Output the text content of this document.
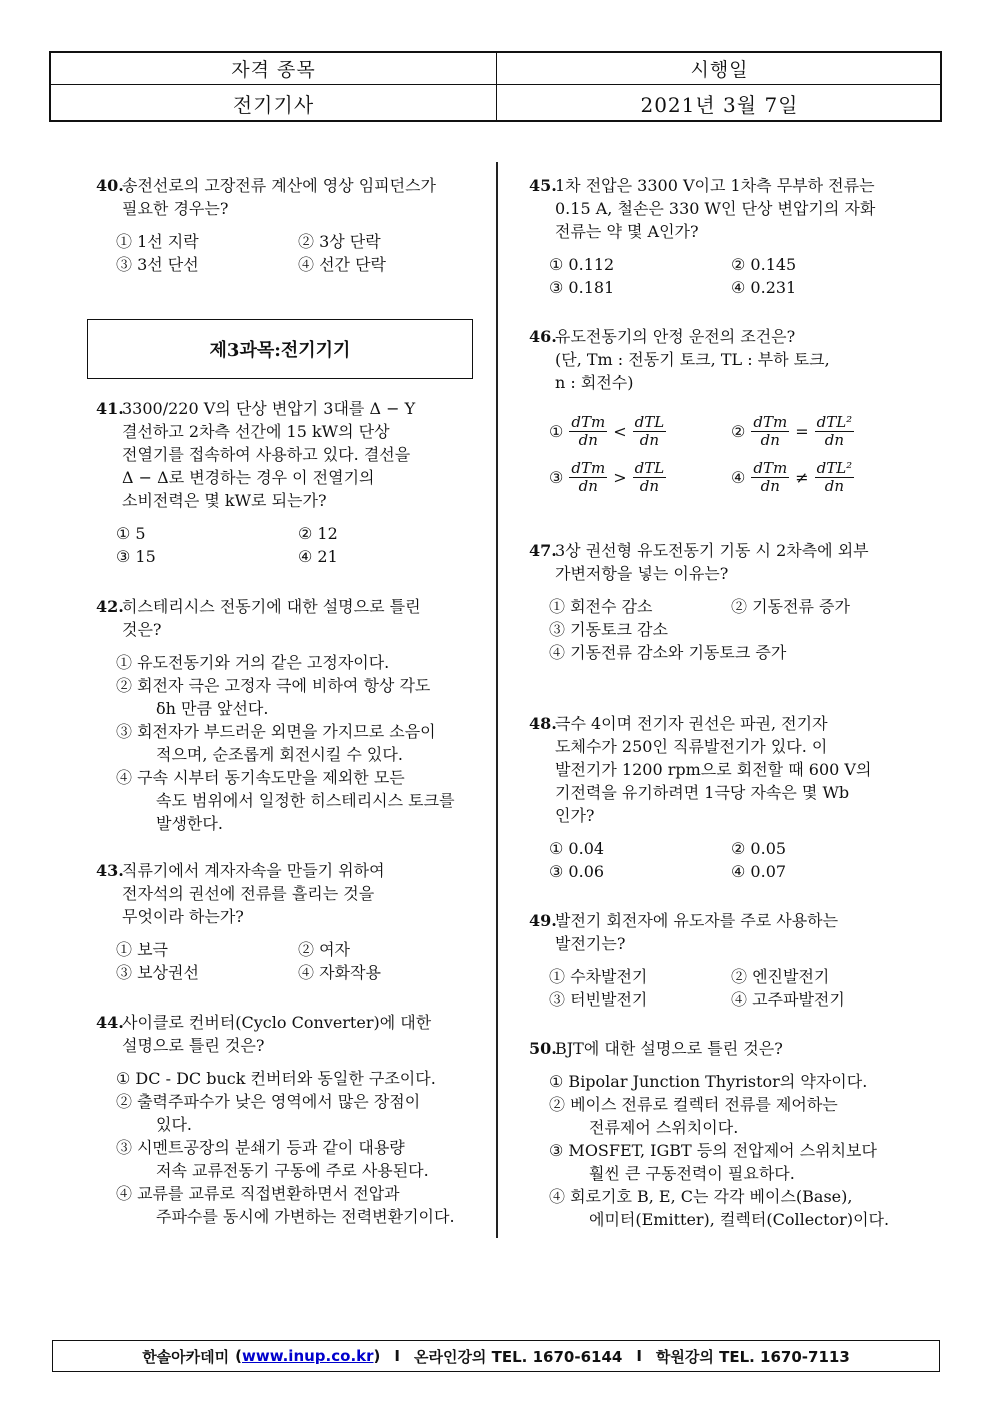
자격 종목	시행일
전기기사	2021년 3월 7일
40.
송전선로의 고장전류 계산에 영상 임피던스가
필요한 경우는?
① 1선 지락	② 3상 단락
③ 3선 단선	④ 선간 단락

제3과목:전기기기
41.
3300/220 V의 단상 변압기 3대를 Δ − Y
결선하고 2차측 선간에 15 kW의 단상
전열기를 접속하여 사용하고 있다. 결선을
Δ − Δ로 변경하는 경우 이 전열기의
소비전력은 몇 kW로 되는가?
① 5	② 12
③ 15	④ 21

42.
히스테리시스 전동기에 대한 설명으로 틀린
것은?
① 유도전동기와 거의 같은 고정자이다.
② 회전자 극은 고정자 극에 비하여 항상 각도
δh 만큼 앞선다.
③ 회전자가 부드러운 외면을 가지므로 소음이
적으며, 순조롭게 회전시킬 수 있다.
④ 구속 시부터 동기속도만을 제외한 모든
속도 범위에서 일정한 히스테리시스 토크를
발생한다.
43.
직류기에서 계자자속을 만들기 위하여
전자석의 권선에 전류를 흘리는 것을
무엇이라 하는가?
① 보극	② 여자
③ 보상권선	④ 자화작용

44.
사이클로 컨버터(Cyclo Converter)에 대한
설명으로 틀린 것은?
① DC - DC buck 컨버터와 동일한 구조이다.
② 출력주파수가 낮은 영역에서 많은 장점이
있다.
③ 시멘트공장의 분쇄기 등과 같이 대용량
저속 교류전동기 구동에 주로 사용된다.
④ 교류를 교류로 직접변환하면서 전압과
주파수를 동시에 가변하는 전력변환기이다.
45.
1차 전압은 3300 V이고 1차측 무부하 전류는
0.15 A, 철손은 330 W인 단상 변압기의 자화
전류는 약 몇 A인가?
① 0.112	② 0.145
③ 0.181	④ 0.231

46.
유도전동기의 안정 운전의 조건은?
(단, Tm : 전동기 토크, TL : 부하 토크,
n : 회전수)
① $\frac{\text{dTm}}{dn} < \frac{\text{dTL}}{dn}$	② $\frac{\text{dTm}}{dn} = \frac{\text{dTL²}}{dn}$

③ $\frac{\text{dTm}}{dn} > \frac{\text{dTL}}{dn}$	④ $\frac{\text{dTm}}{dn} \ne \frac{\text{dTL²}}{dn}$

47.
3상 권선형 유도전동기 기동 시 2차측에 외부
가변저항을 넣는 이유는?
① 회전수 감소	② 기동전류 증가
③ 기동토크 감소④ 기동전류 감소와 기동토크 증가

48.
극수 4이며 전기자 권선은 파권, 전기자
도체수가 250인 직류발전기가 있다. 이
발전기가 1200 rpm으로 회전할 때 600 V의
기전력을 유기하려면 1극당 자속은 몇 Wb
인가?
① 0.04	② 0.05
③ 0.06	④ 0.07

49.
발전기 회전자에 유도자를 주로 사용하는
발전기는?
① 수차발전기	② 엔진발전기
③ 터빈발전기	④ 고주파발전기

50.
BJT에 대한 설명으로 틀린 것은?
① Bipolar Junction Thyristor의 약자이다.
② 베이스 전류로 컬렉터 전류를 제어하는
전류제어 스위치이다.
③ MOSFET, IGBT 등의 전압제어 스위치보다
훨씬 큰 구동전력이 필요하다.
④ 회로기호 B, E, C는 각각 베이스(Base),
에미터(Emitter), 컬렉터(Collector)이다.
한솔아카데미 ( www.inup.co.kr ) I 온라인강의 TEL. 1670-6144 I 학원강의 TEL. 1670-7113
